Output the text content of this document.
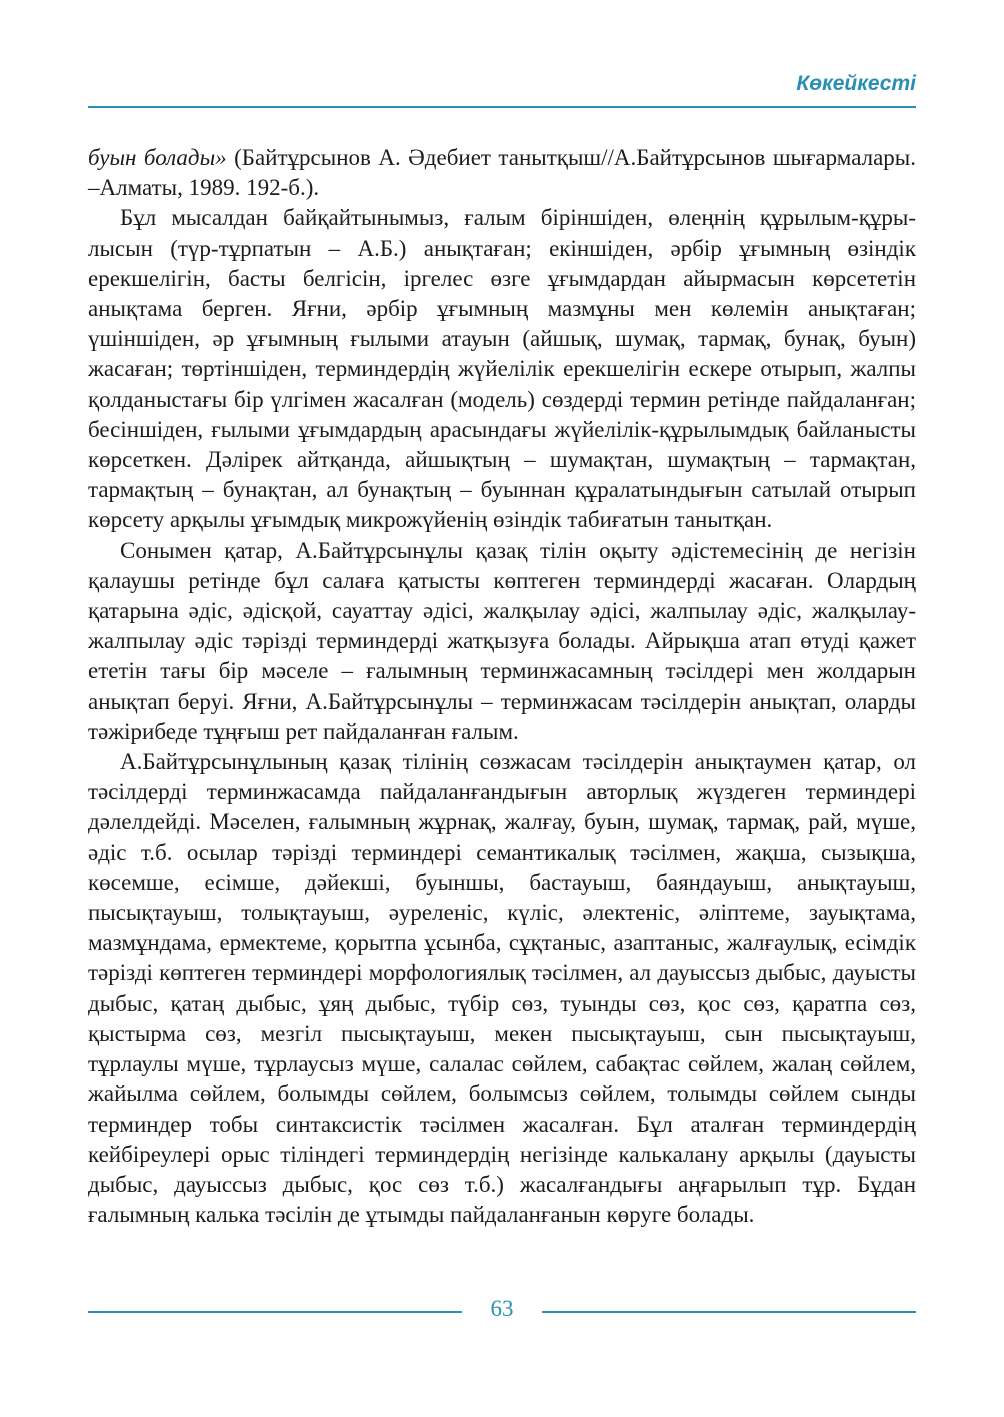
Көкейкесті

буын болады» (Байтұрсынов А. Әдебиет танытқыш//А.Байтұрсынов шығармалары. –Алматы, 1989. 192-б.).

Бұл мысалдан байқайтынымыз, ғалым біріншіден, өлеңнің құрылым-құрылысын (түр-тұрпатын – А.Б.) анықтаған; екіншіден, әрбір ұғымның өзіндік ерекшелігін, басты белгісін, іргелес өзге ұғымдардан айырмасын көрсететін анықтама берген. Яғни, әрбір ұғымның мазмұны мен көлемін анықтаған; үшіншіден, әр ұғымның ғылыми атауын (айшық, шумақ, тармақ, бунақ, буын) жасаған; төртіншіден, терминдердің жүйелілік ерекшелігін ескере отырып, жалпы қолданыстағы бір үлгімен жасалған (модель) сөздерді термин ретінде пайдаланған; бесіншіден, ғылыми ұғымдардың арасындағы жүйелілік-құрылымдық байланысты көрсеткен. Дәлірек айтқанда, айшықтың – шумақтан, шумақтың – тармақтан, тармақтың – бунақтан, ал бунақтың – буыннан құралатындығын сатылай отырып көрсету арқылы ұғымдық микрожүйенің өзіндік табиғатын танытқан.

Сонымен қатар, А.Байтұрсынұлы қазақ тілін оқыту әдістемесінің де негізін қалаушы ретінде бұл салаға қатысты көптеген терминдерді жасаған. Олардың қатарына әдіс, әдісқой, сауаттау әдісі, жалқылау әдісі, жалпылау әдіс, жалқылау-жалпылау әдіс тәрізді терминдерді жатқызуға болады. Айрықша атап өтуді қажет ететін тағы бір мәселе – ғалымның терминжасамның тәсілдері мен жолдарын анықтап беруі. Яғни, А.Байтұрсынұлы – терминжасам тәсілдерін анықтап, оларды тәжірибеде тұңғыш рет пайдаланған ғалым.

А.Байтұрсынұлының қазақ тілінің сөзжасам тәсілдерін анықтаумен қатар, ол тәсілдерді терминжасамда пайдаланғандығын авторлық жүздеген терминдері дәлелдейді. Мәселен, ғалымның жұрнақ, жалғау, буын, шумақ, тармақ, рай, мүше, әдіс т.б. осылар тәрізді терминдері семантикалық тәсілмен, жақша, сызықша, көсемше, есімше, дәйекші, буыншы, бастауыш, баяндауыш, анықтауыш, пысықтауыш, толықтауыш, әуреленіс, күліс, әлектеніс, әліптеме, зауықтама, мазмұндама, ермектеме, қорытпа ұсынба, сұқтаныс, азаптаныс, жалғаулық, есімдік тәрізді көптеген терминдері морфологиялық тәсілмен, ал дауыссыз дыбыс, дауысты дыбыс, қатаң дыбыс, ұяң дыбыс, түбір сөз, туынды сөз, қос сөз, қаратпа сөз, қыстырма сөз, мезгіл пысықтауыш, мекен пысықтауыш, сын пысықтауыш, тұрлаулы мүше, тұрлаусыз мүше, салалас сөйлем, сабақтас сөйлем, жалаң сөйлем, жайылма сөйлем, болымды сөйлем, болымсыз сөйлем, толымды сөйлем сынды терминдер тобы синтаксистік тәсілмен жасалған. Бұл аталған терминдердің кейбіреулері орыс тіліндегі терминдердің негізінде калькалану арқылы (дауысты дыбыс, дауыссыз дыбыс, қос сөз т.б.) жасалғандығы аңғарылып тұр. Бұдан ғалымның калька тәсілін де ұтымды пайдаланғанын көруге болады.

63
